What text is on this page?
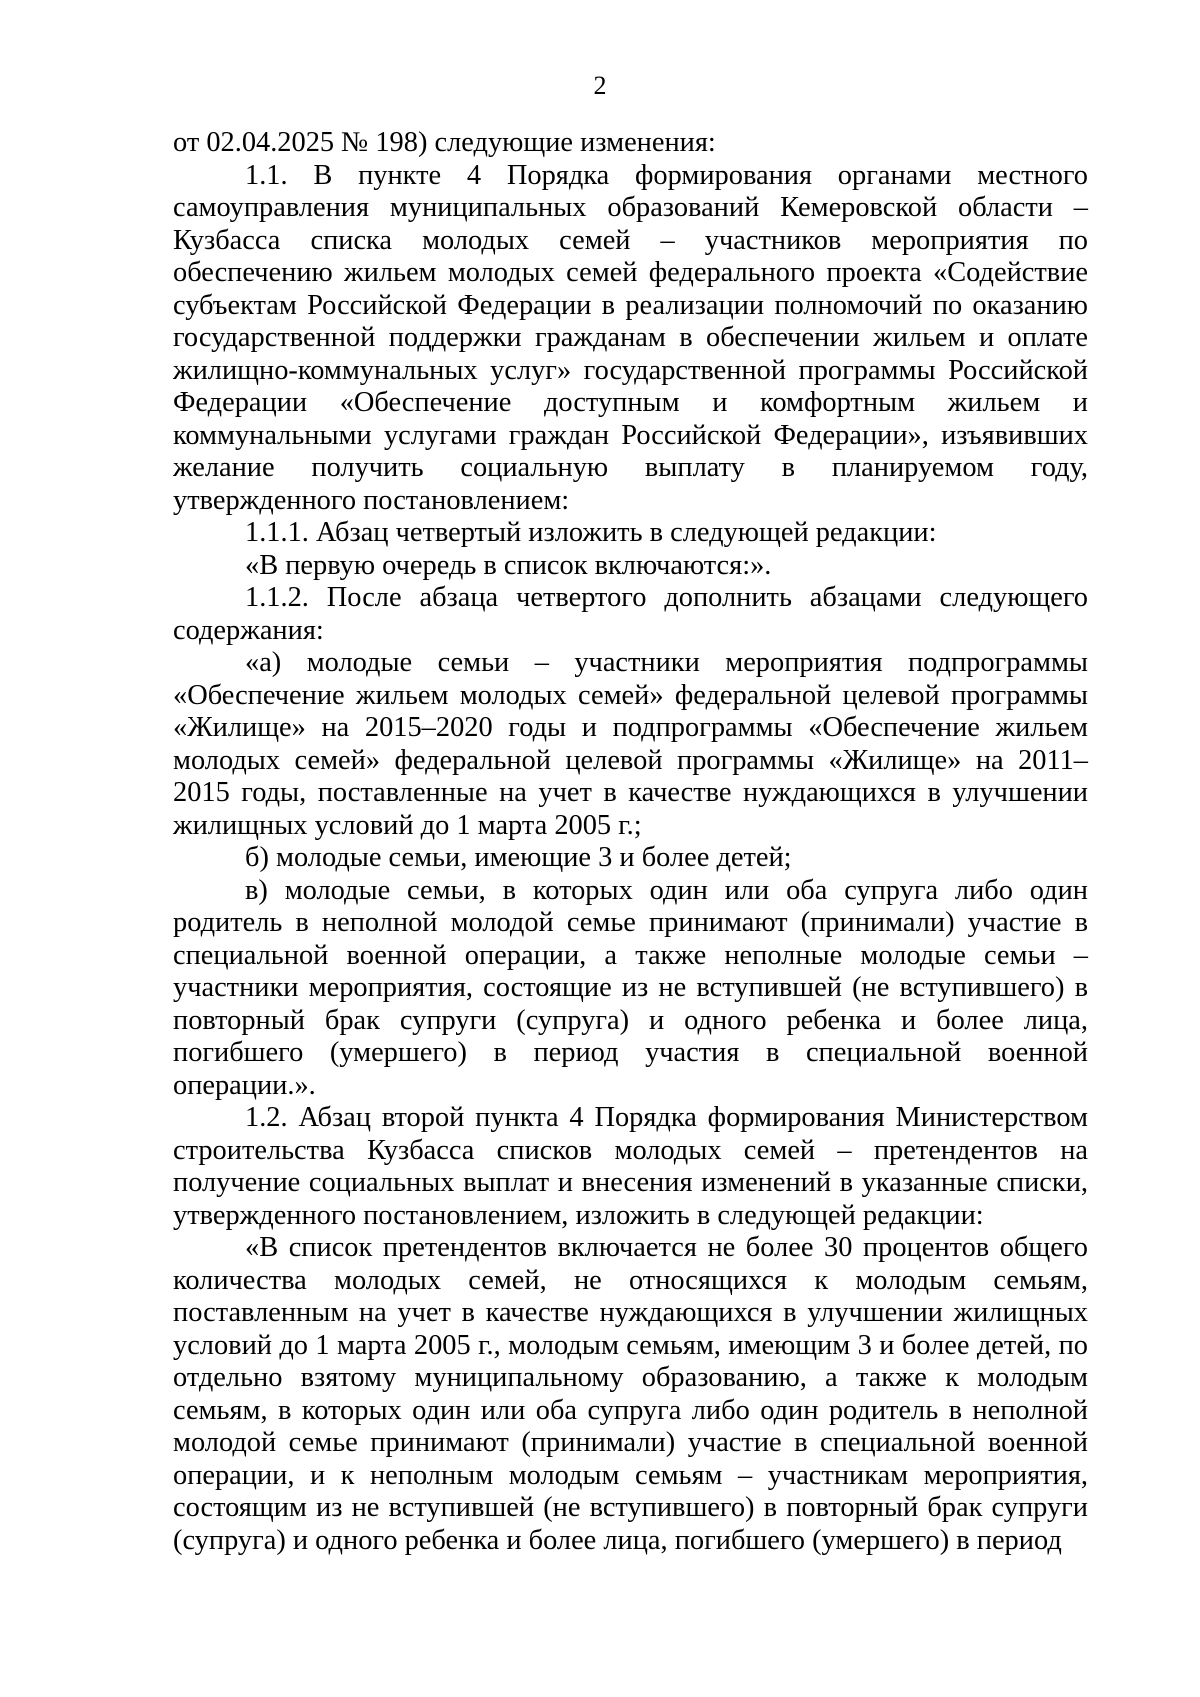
2

от 02.04.2025 № 198) следующие изменения:

1.1. В пункте 4 Порядка формирования органами местного самоуправления муниципальных образований Кемеровской области – Кузбасса списка молодых семей – участников мероприятия по обеспечению жильем молодых семей федерального проекта «Содействие субъектам Российской Федерации в реализации полномочий по оказанию государственной поддержки гражданам в обеспечении жильем и оплате жилищно-коммунальных услуг» государственной программы Российской Федерации «Обеспечение доступным и комфортным жильем и коммунальными услугами граждан Российской Федерации», изъявивших желание получить социальную выплату в планируемом году, утвержденного постановлением:

1.1.1. Абзац четвертый изложить в следующей редакции:

«В первую очередь в список включаются:».

1.1.2. После абзаца четвертого дополнить абзацами следующего содержания:

«а) молодые семьи – участники мероприятия подпрограммы «Обеспечение жильем молодых семей» федеральной целевой программы «Жилище» на 2015–2020 годы и подпрограммы «Обеспечение жильем молодых семей» федеральной целевой программы «Жилище» на 2011–2015 годы, поставленные на учет в качестве нуждающихся в улучшении жилищных условий до 1 марта 2005 г.;

б) молодые семьи, имеющие 3 и более детей;

в) молодые семьи, в которых один или оба супруга либо один родитель в неполной молодой семье принимают (принимали) участие в специальной военной операции, а также неполные молодые семьи – участники мероприятия, состоящие из не вступившей (не вступившего) в повторный брак супруги (супруга) и одного ребенка и более лица, погибшего (умершего) в период участия в специальной военной операции.».

1.2. Абзац второй пункта 4 Порядка формирования Министерством строительства Кузбасса списков молодых семей – претендентов на получение социальных выплат и внесения изменений в указанные списки, утвержденного постановлением, изложить в следующей редакции:

«В список претендентов включается не более 30 процентов общего количества молодых семей, не относящихся к молодым семьям, поставленным на учет в качестве нуждающихся в улучшении жилищных условий до 1 марта 2005 г., молодым семьям, имеющим 3 и более детей, по отдельно взятому муниципальному образованию, а также к молодым семьям, в которых один или оба супруга либо один родитель в неполной молодой семье принимают (принимали) участие в специальной военной операции, и к неполным молодым семьям – участникам мероприятия, состоящим из не вступившей (не вступившего) в повторный брак супруги (супруга) и одного ребенка и более лица, погибшего (умершего) в период
